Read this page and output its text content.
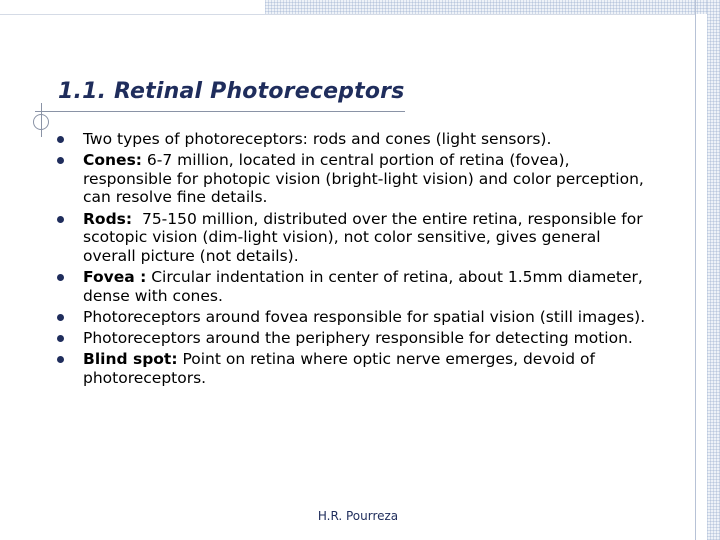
1.1. Retinal Photoreceptors
Two types of photoreceptors: rods and cones (light sensors).
Cones: 6-7 million, located in central portion of retina (fovea), responsible for photopic vision (bright-light vision) and color perception, can resolve fine details.
Rods:  75-150 million, distributed over the entire retina, responsible for scotopic vision (dim-light vision), not color sensitive, gives general overall picture (not details).
Fovea : Circular indentation in center of retina, about 1.5mm diameter, dense with cones.
Photoreceptors around fovea responsible for spatial vision (still images).
Photoreceptors around the periphery responsible for detecting motion.
Blind spot: Point on retina where optic nerve emerges, devoid of photoreceptors.
H.R. Pourreza
